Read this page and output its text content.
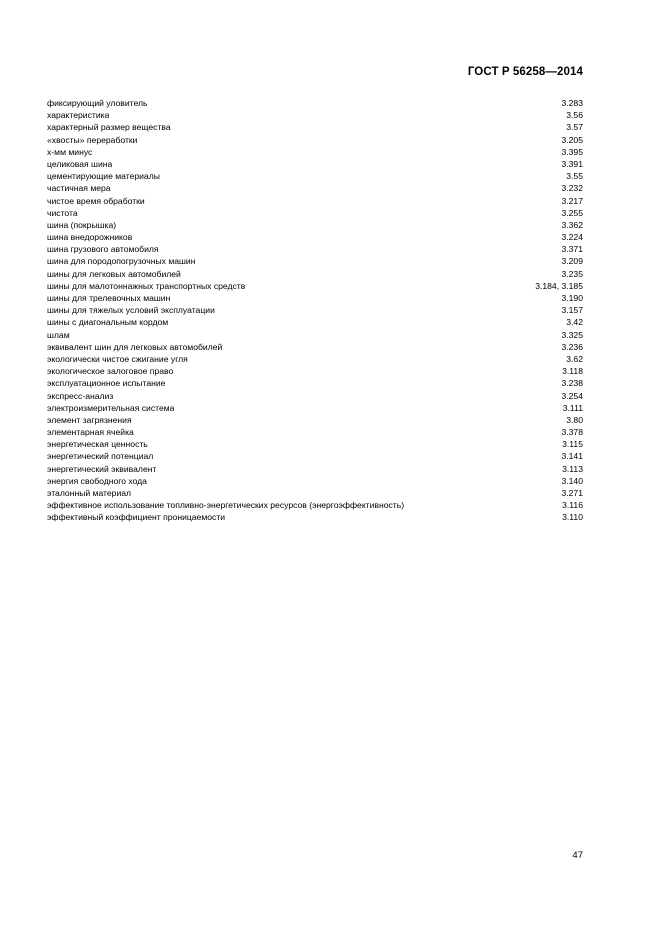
ГОСТ Р 56258—2014
фиксирующий уловитель	3.283
характеристика	3.56
характерный размер вещества	3.57
«хвосты» переработки	3.205
х-мм минус	3.395
целиковая шина	3.391
цементирующие материалы	3.55
частичная мера	3.232
чистое время обработки	3.217
чистота	3.255
шина (покрышка)	3.362
шина внедорожников	3.224
шина грузового автомобиля	3.371
шина для породопогрузочных машин	3.209
шины для легковых автомобилей	3.235
шины для малотоннажных транспортных средств	3.184, 3.185
шины для трелевочных машин	3.190
шины для тяжелых условий эксплуатации	3.157
шины с диагональным кордом	3.42
шлам	3.325
эквивалент шин для легковых автомобилей	3.236
экологически чистое сжигание угля	3.62
экологическое залоговое право	3.118
эксплуатационное испытание	3.238
экспресс-анализ	3.254
электроизмерительная система	3.111
элемент загрязнения	3.80
элементарная ячейка	3.378
энергетическая ценность	3.115
энергетический потенциал	3.141
энергетический эквивалент	3.113
энергия свободного хода	3.140
эталонный материал	3.271
эффективное использование топливно-энергетических ресурсов (энергоэффективность)	3.116
эффективный коэффициент проницаемости	3.110
47
